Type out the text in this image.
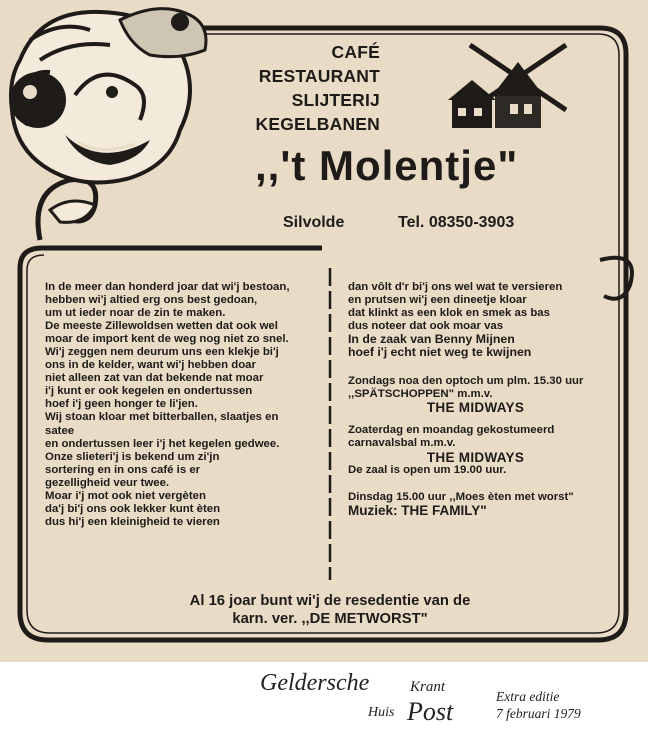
CAFÉ
RESTAURANT
SLIJTERIJ
KEGELBANEN
,,'t Molentje"
Silvolde	Tel. 08350-3903
In de meer dan honderd joar dat wi'j bestoan,
hebben wi'j altied erg ons best gedoan,
um ut ieder noar de zin te maken.
De meeste Zillewoldsen wetten dat ook wel
moar de import kent de weg nog niet zo snel.
Wi'j zeggen nem deurum uns een klekje bi'j
ons in de kelder, want wi'j hebben doar
niet alleen zat van dat bekende nat moar
i'j kunt er ook kegelen en ondertussen
hoef i'j geen honger te li'jen.
Wij stoan kloar met bitterballen, slaatjes en
satee
en ondertussen leer i'j het kegelen gedwee.
Onze slieteri'j is bekend um zi'jn
sortering en in ons café is er
gezelligheid veur twee.
Moar i'j mot ook niet vergèten
da'j bi'j ons ook lekker kunt èten
dus hi'j een kleinigheid te vieren
dan vôlt d'r bi'j ons wel wat te versieren
en prutsen wi'j een dineetje kloar
dat klinkt as een klok en smek as bas
dus noteer dat ook moar vas
In de zaak van Benny Mijnen
hoef i'j echt niet weg te kwijnen
Zondags noa den optoch um plm. 15.30 uur
,,SPÄTSCHOPPEN" m.m.v.
THE MIDWAYS
Zoaterdag en moandag gekostumeerd
carnavalsbal m.m.v.
THE MIDWAYS
De zaal is open um 19.00 uur.
Dinsdag 15.00 uur ,,Moes èten met worst"
Muziek: THE FAMILY"
Al 16 joar bunt wi'j de resedentie van de
karn. ver. ,,DE METWORST"
Geldersche	Krant
Huis Post
Extra editie
7 februari 1979
